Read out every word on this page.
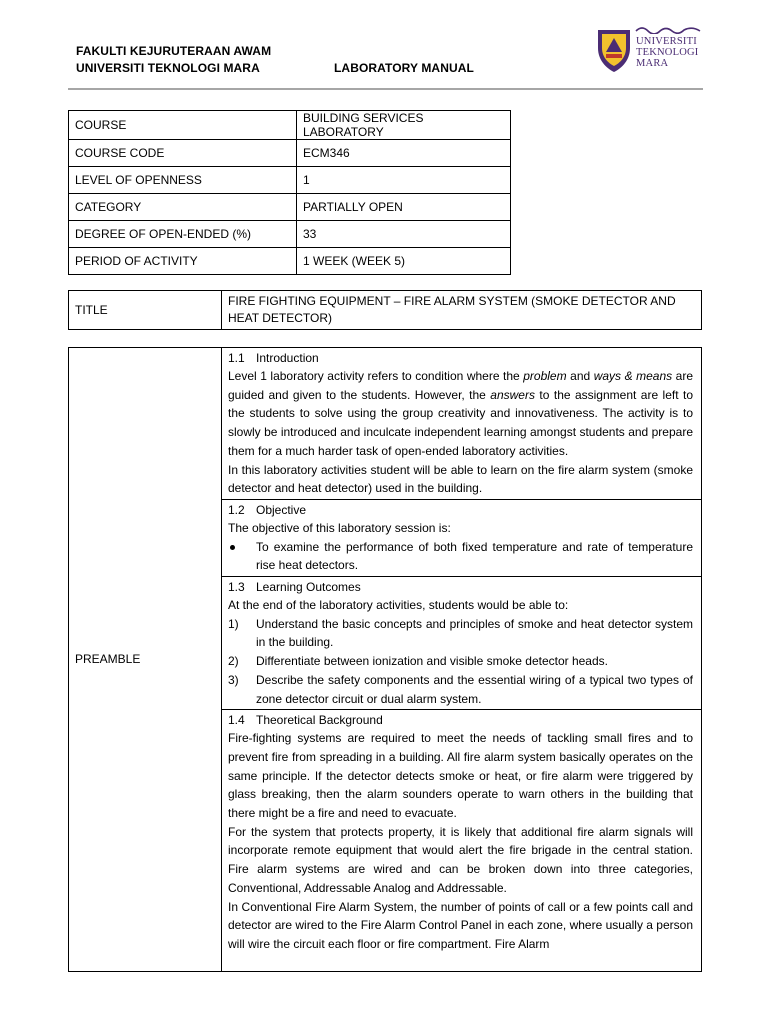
FAKULTI KEJURUTERAAN AWAM
UNIVERSITI TEKNOLOGI MARA	LABORATORY MANUAL
UNIVERSITI
TEKNOLOGI
MARA
COURSE	BUILDING SERVICES LABORATORY
COURSE CODE	ECM346
LEVEL OF OPENNESS	1
CATEGORY	PARTIALLY OPEN
DEGREE OF OPEN-ENDED (%)	33
PERIOD OF ACTIVITY	1 WEEK (WEEK 5)
TITLE	FIRE FIGHTING EQUIPMENT – FIRE ALARM SYSTEM (SMOKE DETECTOR AND HEAT DETECTOR)
PREAMBLE
1.1 Introduction

Level 1 laboratory activity refers to condition where the problem and ways & means are guided and given to the students. However, the answers to the assignment are left to the students to solve using the group creativity and innovativeness. The activity is to slowly be introduced and inculcate independent learning amongst students and prepare them for a much harder task of open-ended laboratory activities.

In this laboratory activities student will be able to learn on the fire alarm system (smoke detector and heat detector) used in the building.

1.2 Objective

The objective of this laboratory session is:

To examine the performance of both fixed temperature and rate of temperature rise heat detectors.
1.3 Learning Outcomes

At the end of the laboratory activities, students would be able to:

1)	Understand the basic concepts and principles of smoke and heat detector system in the building.
2)	Differentiate between ionization and visible smoke detector heads.
3)	Describe the safety components and the essential wiring of a typical two types of zone detector circuit or dual alarm system.
1.4 Theoretical Background

Fire-fighting systems are required to meet the needs of tackling small fires and to prevent fire from spreading in a building. All fire alarm system basically operates on the same principle. If the detector detects smoke or heat, or fire alarm were triggered by glass breaking, then the alarm sounders operate to warn others in the building that there might be a fire and need to evacuate.

For the system that protects property, it is likely that additional fire alarm signals will incorporate remote equipment that would alert the fire brigade in the central station. Fire alarm systems are wired and can be broken down into three categories, Conventional, Addressable Analog and Addressable.

In Conventional Fire Alarm System, the number of points of call or a few points call and detector are wired to the Fire Alarm Control Panel in each zone, where usually a person will wire the circuit each floor or fire compartment. Fire Alarm
